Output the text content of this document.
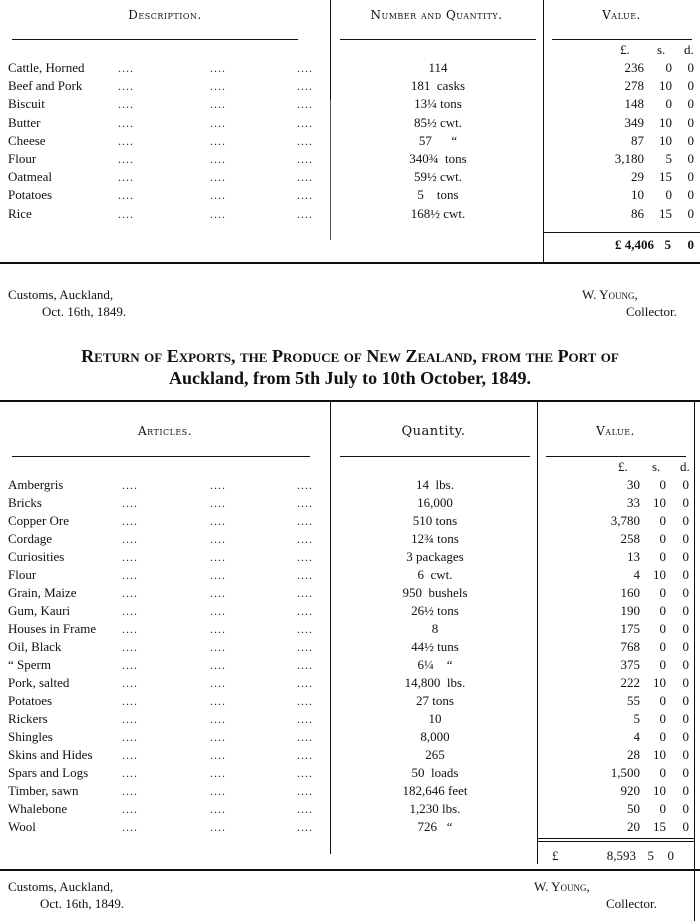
Description.	Number and Quantity.	Value.
£. s. d.
Cattle, Horned	....	....	....	114	236	0	0
Beef and Pork	....	....	....	181  casks	278	10	0
Biscuit	....	....	....	13¼ tons	148	0	0
Butter	....	....	....	85½ cwt.	349	10	0
Cheese	....	....	....	57      “	87	10	0
Flour	....	....	....	340¾  tons	3,180	5	0
Oatmeal	....	....	....	59½ cwt.	29	15	0
Potatoes	....	....	....	5    tons	10	0	0
Rice	....	....	....	168½ cwt.	86	15	0
£ 4,406 5	0
Customs, Auckland,
Oct. 16th, 1849.
W. Young,
Collector.
Return of Exports, the Produce of New Zealand, from the Port of
Auckland, from 5th July to 10th October, 1849.
Articles.	Quantity.	Value.
£. s. d.
Ambergris	....	....	....	14  lbs.	30	0	0
Bricks	....	....	....	16,000	33	10	0
Copper Ore	....	....	....	510 tons	3,780	0	0
Cordage	....	....	....	12¾ tons	258	0	0
Curiosities	....	....	....	3 packages	13	0	0
Flour	....	....	....	6  cwt.	4	10	0
Grain, Maize	....	....	....	950  bushels	160	0	0
Gum, Kauri	....	....	....	26½ tons	190	0	0
Houses in Frame ....	....	....	8	175	0	0
Oil, Black	....	....	....	44½ tuns	768	0	0
“ Sperm	....	....	....	6¼    “	375	0	0
Pork, salted	....	....	....	14,800  lbs.	222	10	0
Potatoes	....	....	....	27 tons	55	0	0
Rickers	....	....	....	10	5	0	0
Shingles	....	....	....	8,000	4	0	0
Skins and Hides ....	....	....	265	28	10	0
Spars and Logs	....	....	....	50  loads	1,500	0	0
Timber, sawn	....	....	....	182,646 feet	920	10	0
Whalebone	....	....	....	1,230 lbs.	50	0	0
Wool	....	....	....	726   “	20	15	0
£	8,593 5	0
Customs, Auckland,
Oct. 16th, 1849.
W. Young,
Collector.
